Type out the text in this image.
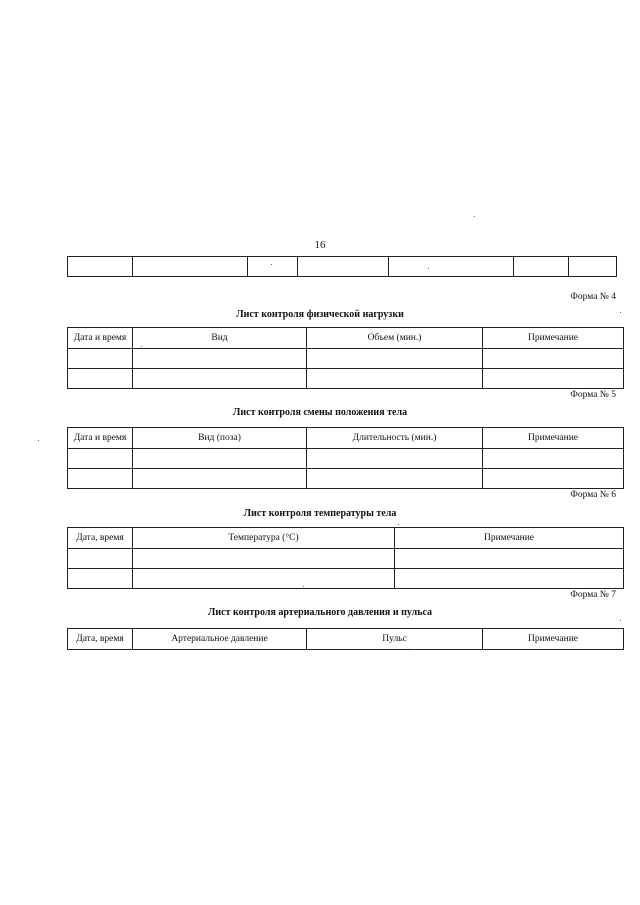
16

Форма № 4
Лист контроля физической нагрузки
Дата и время	Вид	Объем (мин.)	Примечание

Форма № 5
Лист контроля смены положения тела
Дата и время	Вид (поза)	Длительность (мин.)	Примечание

Форма № 6
Лист контроля температуры тела
Дата, время	Температура (°C)	Примечание

Форма № 7
Лист контроля артериального давления и пульса
Дата, время	Артериальное давление	Пульс	Примечание
